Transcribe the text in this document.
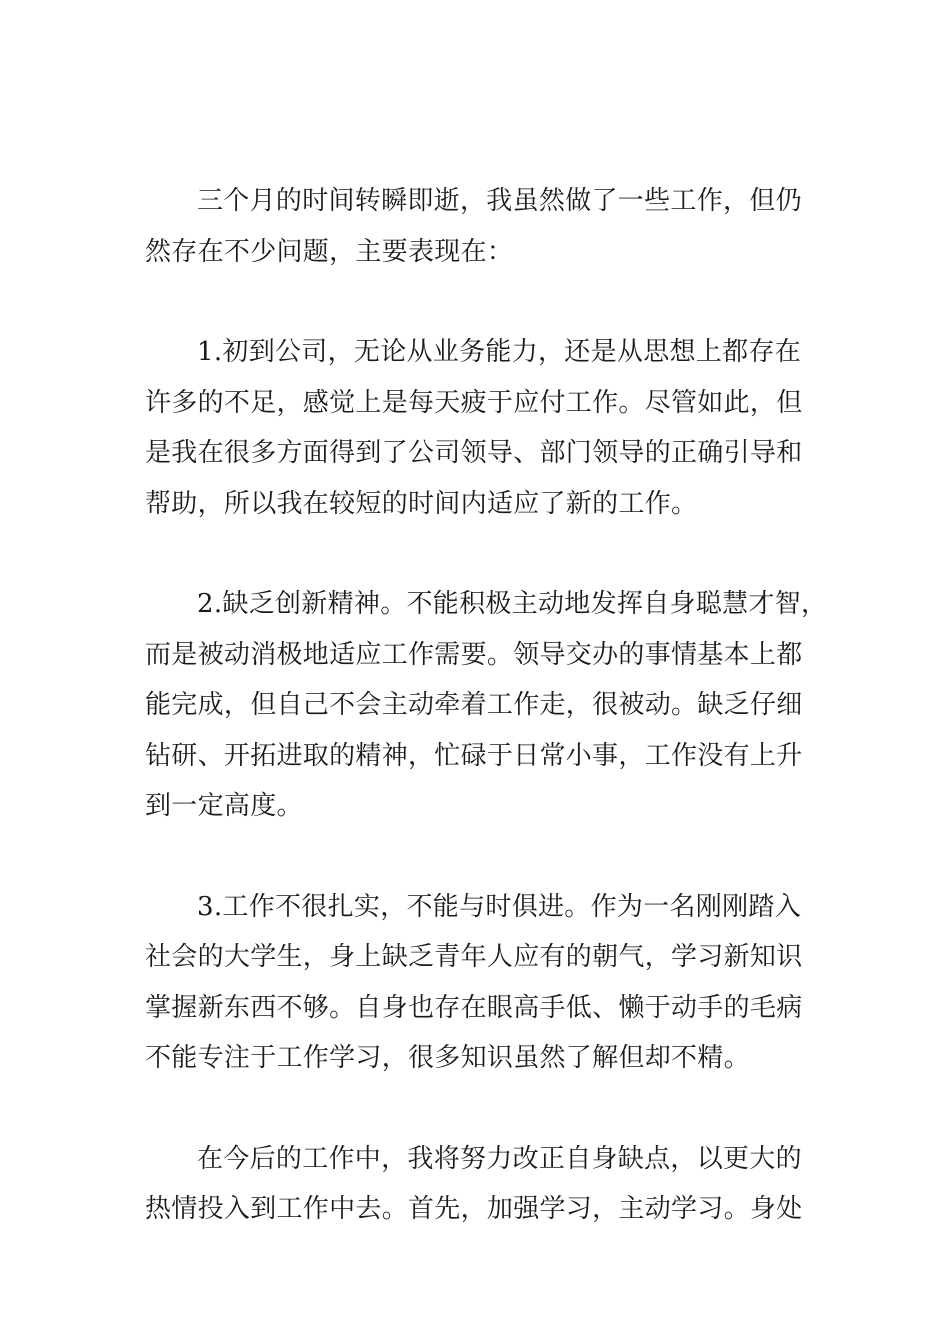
三个月的时间转瞬即逝，我虽然做了一些工作，但仍
然存在不少问题，主要表现在：
1.初到公司，无论从业务能力，还是从思想上都存在
许多的不足，感觉上是每天疲于应付工作。尽管如此，但
是我在很多方面得到了公司领导、部门领导的正确引导和
帮助，所以我在较短的时间内适应了新的工作。
2.缺乏创新精神。不能积极主动地发挥自身聪慧才智，
而是被动消极地适应工作需要。领导交办的事情基本上都
能完成，但自己不会主动牵着工作走，很被动。缺乏仔细
钻研、开拓进取的精神，忙碌于日常小事，工作没有上升
到一定高度。
3.工作不很扎实，不能与时俱进。作为一名刚刚踏入
社会的大学生，身上缺乏青年人应有的朝气，学习新知识
掌握新东西不够。自身也存在眼高手低、懒于动手的毛病
不能专注于工作学习，很多知识虽然了解但却不精。
在今后的工作中，我将努力改正自身缺点，以更大的
热情投入到工作中去。首先，加强学习，主动学习。身处
